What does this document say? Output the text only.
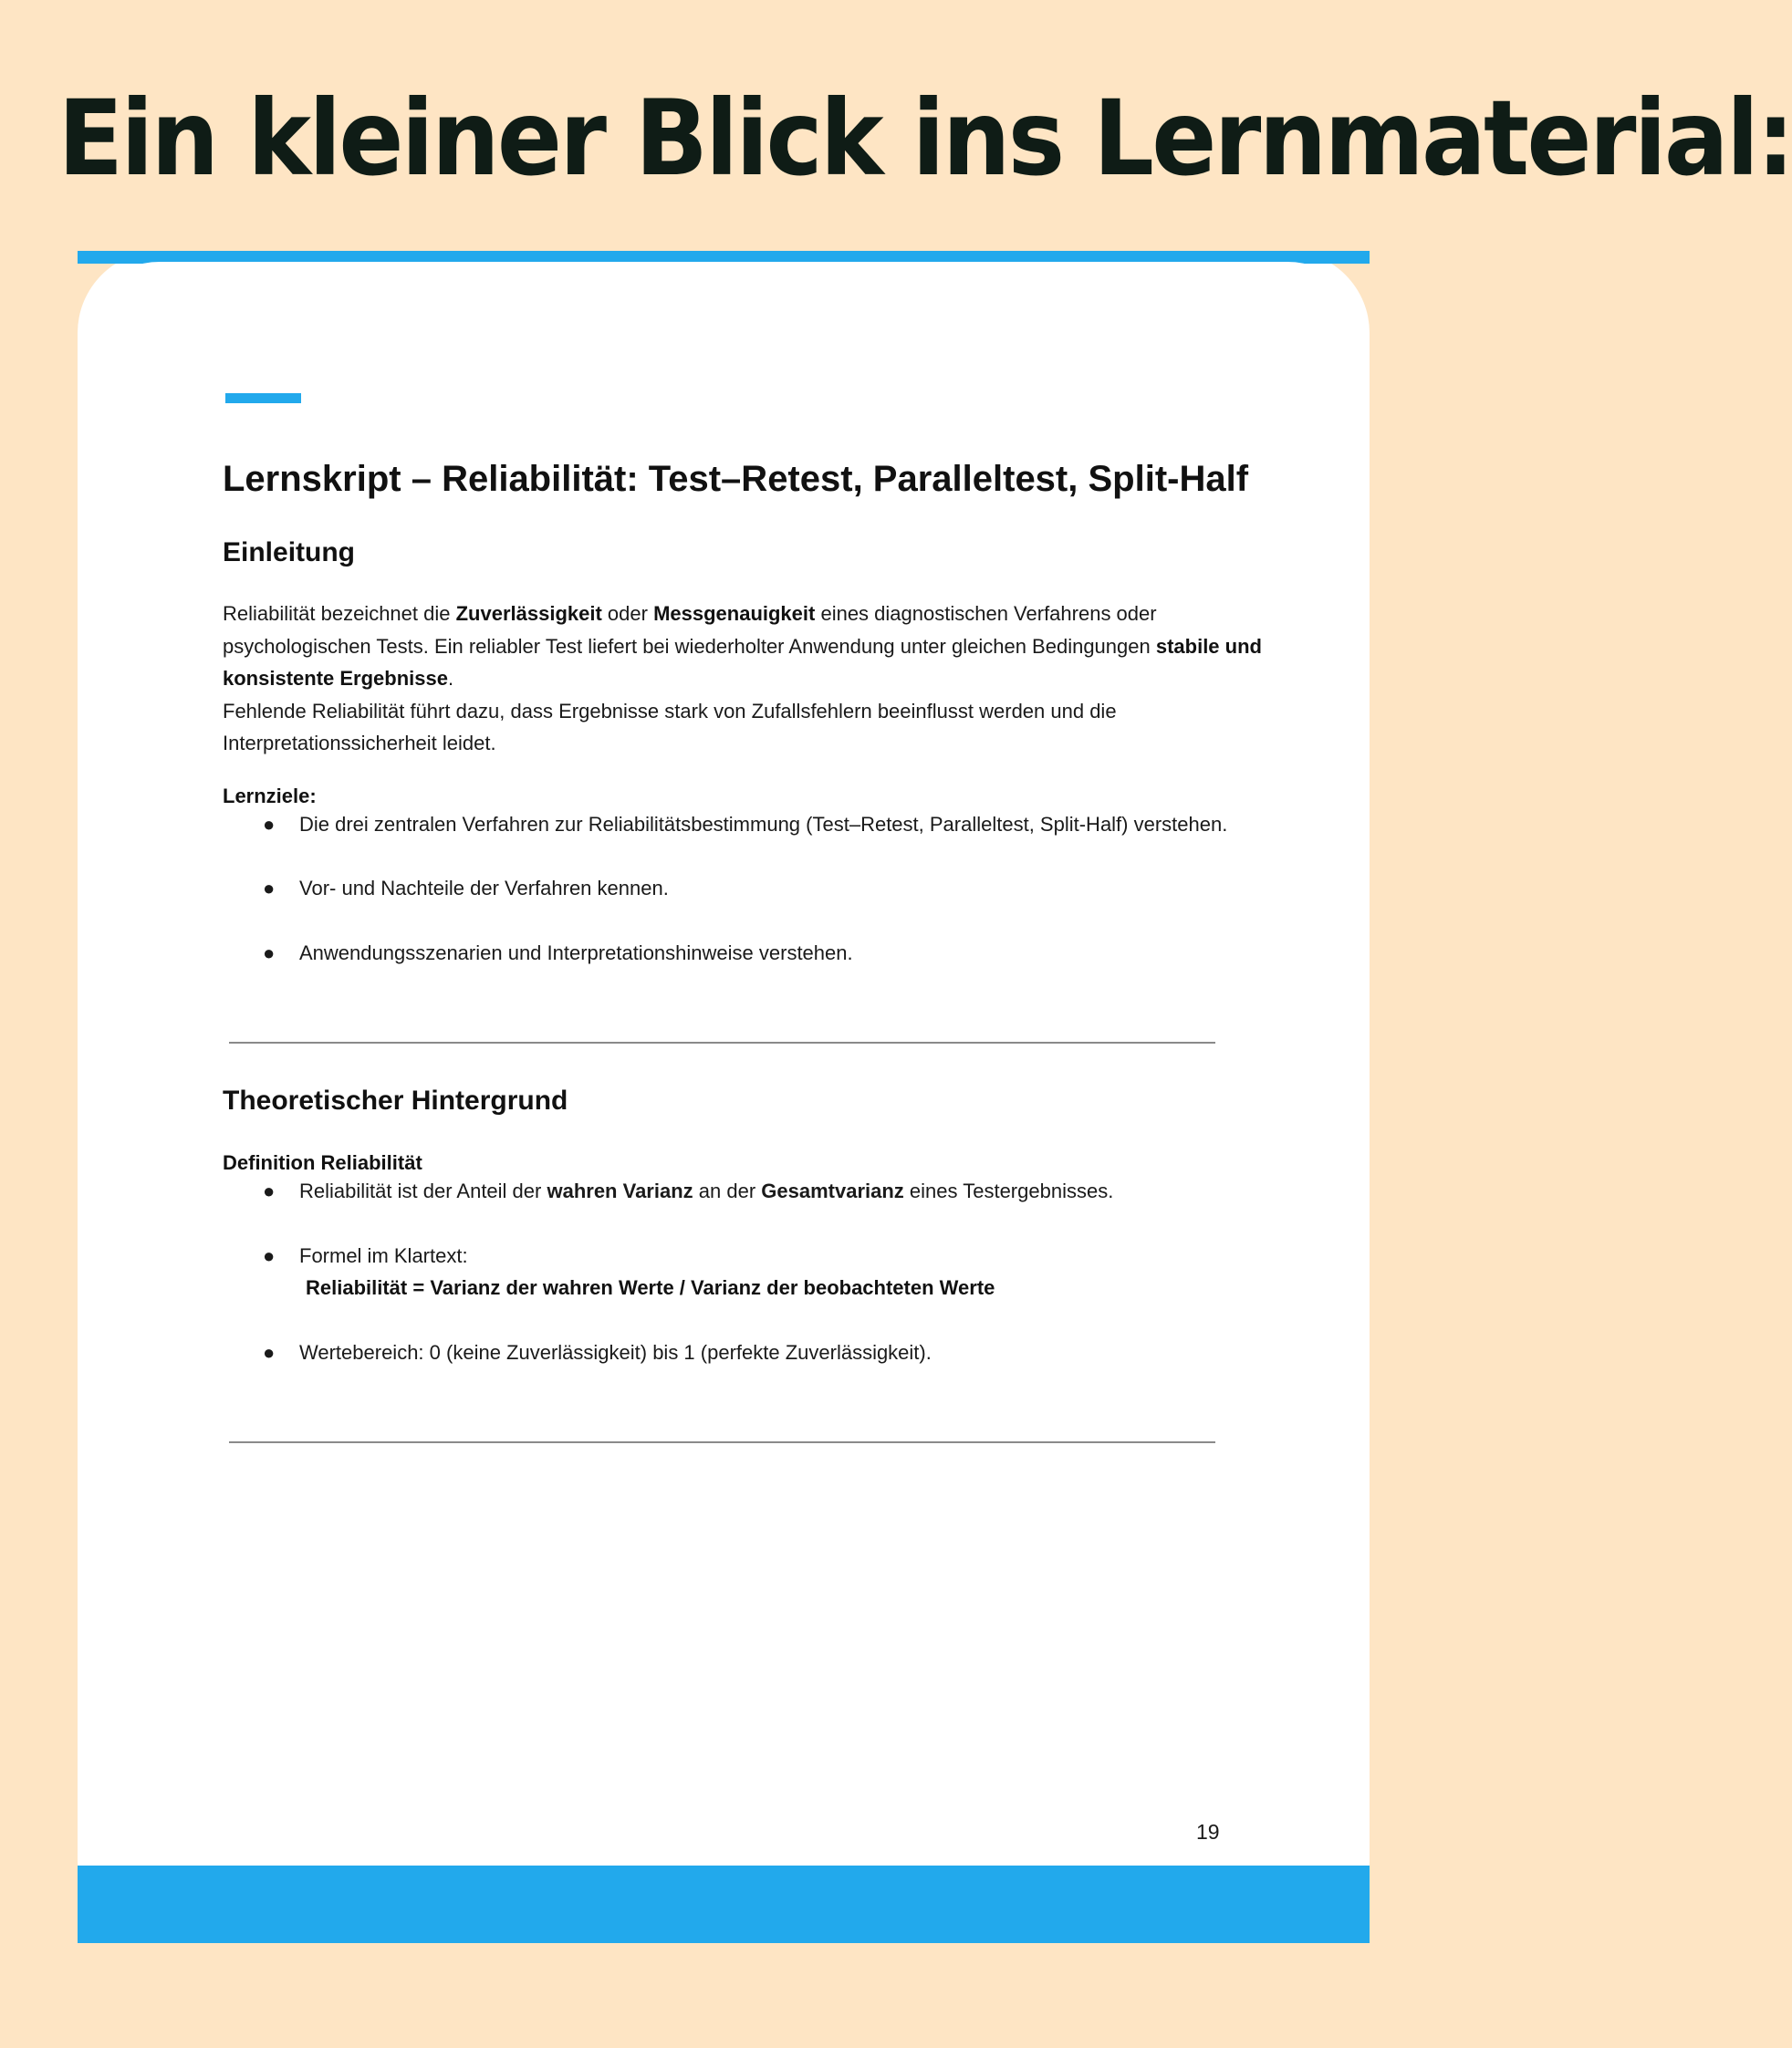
Ein kleiner Blick ins Lernmaterial:
Lernskript – Reliabilität: Test–Retest, Paralleltest, Split-Half
Einleitung

Reliabilität bezeichnet die Zuverlässigkeit oder Messgenauigkeit eines diagnostischen Verfahrens oder psychologischen Tests. Ein reliabler Test liefert bei wiederholter Anwendung unter gleichen Bedingungen stabile und konsistente Ergebnisse.
Fehlende Reliabilität führt dazu, dass Ergebnisse stark von Zufallsfehlern beeinflusst werden und die Interpretationssicherheit leidet.

Lernziele:

● Die drei zentralen Verfahren zur Reliabilitätsbestimmung (Test–Retest, Paralleltest, Split-Half) verstehen.
● Vor- und Nachteile der Verfahren kennen.
● Anwendungsszenarien und Interpretationshinweise verstehen.
Theoretischer Hintergrund

Definition Reliabilität

● Reliabilität ist der Anteil der wahren Varianz an der Gesamtvarianz eines Testergebnisses.
● Formel im Klartext:
Reliabilität = Varianz der wahren Werte / Varianz der beobachteten Werte
● Wertebereich: 0 (keine Zuverlässigkeit) bis 1 (perfekte Zuverlässigkeit).
19
